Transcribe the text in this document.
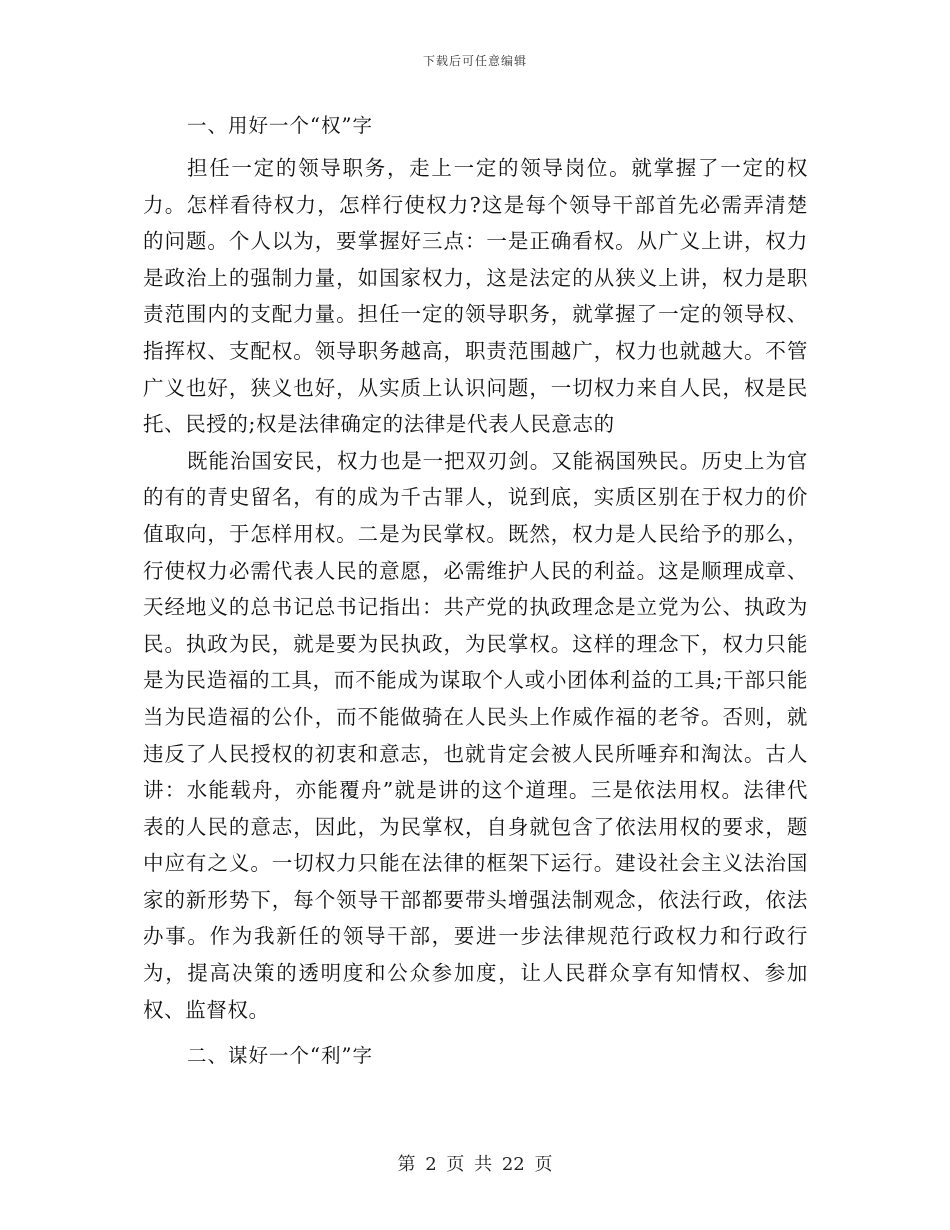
下载后可任意编辑

一、用好一个“权”字

担任一定的领导职务，走上一定的领导岗位。就掌握了一定的权力。怎样看待权力，怎样行使权力?这是每个领导干部首先必需弄清楚的问题。个人以为，要掌握好三点：一是正确看权。从广义上讲，权力是政治上的强制力量，如国家权力，这是法定的从狭义上讲，权力是职责范围内的支配力量。担任一定的领导职务，就掌握了一定的领导权、指挥权、支配权。领导职务越高，职责范围越广，权力也就越大。不管广义也好，狭义也好，从实质上认识问题，一切权力来自人民，权是民托、民授的;权是法律确定的法律是代表人民意志的

既能治国安民，权力也是一把双刃剑。又能祸国殃民。历史上为官的有的青史留名，有的成为千古罪人，说到底，实质区别在于权力的价值取向，于怎样用权。二是为民掌权。既然，权力是人民给予的那么，行使权力必需代表人民的意愿，必需维护人民的利益。这是顺理成章、天经地义的总书记总书记指出：共产党的执政理念是立党为公、执政为民。执政为民，就是要为民执政，为民掌权。这样的理念下，权力只能是为民造福的工具，而不能成为谋取个人或小团体利益的工具;干部只能当为民造福的公仆，而不能做骑在人民头上作威作福的老爷。否则，就违反了人民授权的初衷和意志，也就肯定会被人民所唾弃和淘汰。古人讲：水能载舟，亦能覆舟”就是讲的这个道理。三是依法用权。法律代表的人民的意志，因此，为民掌权，自身就包含了依法用权的要求，题中应有之义。一切权力只能在法律的框架下运行。建设社会主义法治国家的新形势下，每个领导干部都要带头增强法制观念，依法行政，依法办事。作为我新任的领导干部，要进一步法律规范行政权力和行政行为，提高决策的透明度和公众参加度，让人民群众享有知情权、参加权、监督权。

二、谋好一个“利”字

第 2 页 共 22 页
